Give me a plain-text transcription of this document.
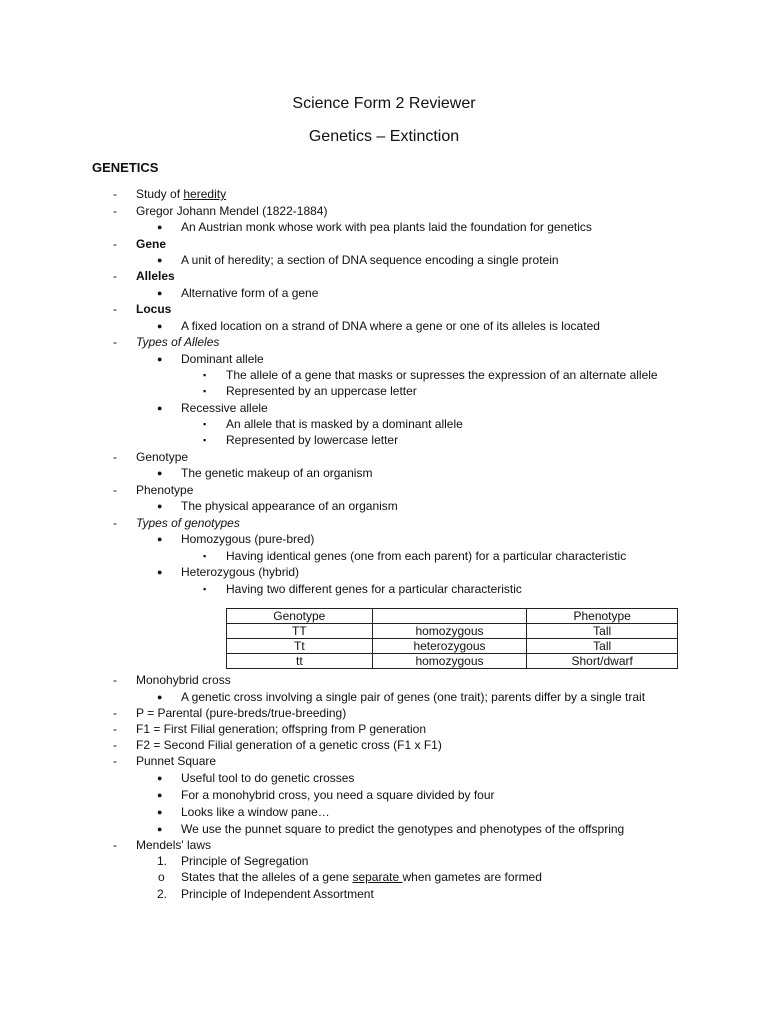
Science Form 2 Reviewer
Genetics – Extinction
GENETICS
- Study of heredity
- Gregor Johann Mendel (1822-1884)
● An Austrian monk whose work with pea plants laid the foundation for genetics
- Gene
● A unit of heredity; a section of DNA sequence encoding a single protein
- Alleles
● Alternative form of a gene
- Locus
● A fixed location on a strand of DNA where a gene or one of its alleles is located
- Types of Alleles
● Dominant allele
▪ The allele of a gene that masks or supresses the expression of an alternate allele
▪ Represented by an uppercase letter
● Recessive allele
▪ An allele that is masked by a dominant allele
▪ Represented by lowercase letter
- Genotype
● The genetic makeup of an organism
- Phenotype
● The physical appearance of an organism
- Types of genotypes
● Homozygous (pure-bred)
▪ Having identical genes (one from each parent) for a particular characteristic
● Heterozygous (hybrid)
▪ Having two different genes for a particular characteristic
Genotype		Phenotype
TT	homozygous	Tall
Tt	heterozygous	Tall
tt	homozygous	Short/dwarf
- Monohybrid cross
● A genetic cross involving a single pair of genes (one trait); parents differ by a single trait
- P = Parental (pure-breds/true-breeding)
- F1 = First Filial generation; offspring from P generation
- F2 = Second Filial generation of a genetic cross (F1 x F1)
- Punnet Square
● Useful tool to do genetic crosses
● For a monohybrid cross, you need a square divided by four
● Looks like a window pane…
● We use the punnet square to predict the genotypes and phenotypes of the offspring
- Mendels' laws
1. Principle of Segregation
o States that the alleles of a gene separate when gametes are formed
2. Principle of Independent Assortment
